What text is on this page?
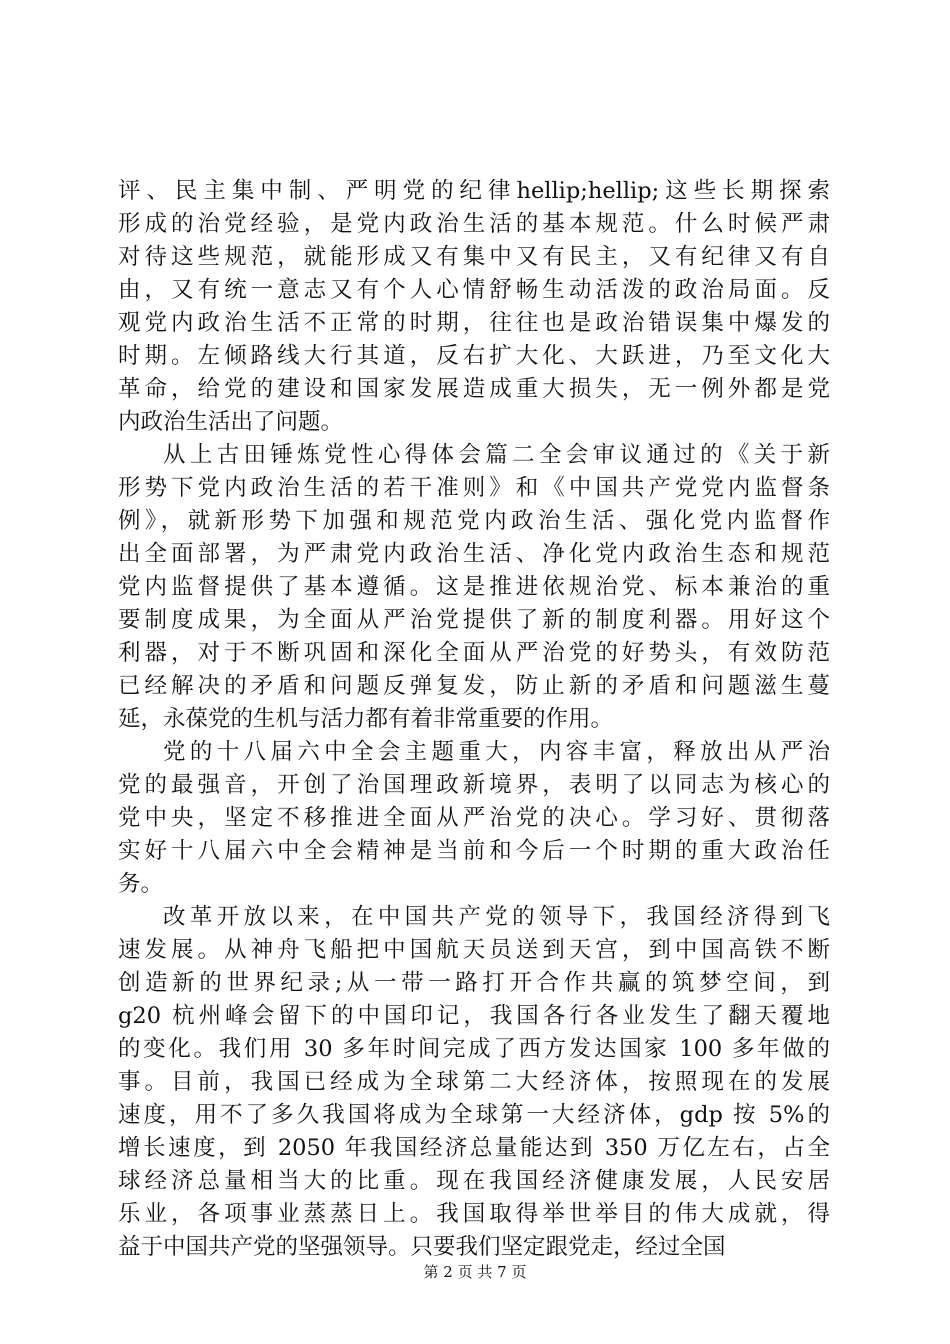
评、民主集中制、严明党的纪律hellip;hellip;这些长期探索
形成的治党经验，是党内政治生活的基本规范。什么时候严肃
对待这些规范，就能形成又有集中又有民主，又有纪律又有自
由，又有统一意志又有个人心情舒畅生动活泼的政治局面。反
观党内政治生活不正常的时期，往往也是政治错误集中爆发的
时期。左倾路线大行其道，反右扩大化、大跃进，乃至文化大
革命，给党的建设和国家发展造成重大损失，无一例外都是党
内政治生活出了问题。
从上古田锤炼党性心得体会篇二全会审议通过的《关于新
形势下党内政治生活的若干准则》和《中国共产党党内监督条
例》，就新形势下加强和规范党内政治生活、强化党内监督作
出全面部署，为严肃党内政治生活、净化党内政治生态和规范
党内监督提供了基本遵循。这是推进依规治党、标本兼治的重
要制度成果，为全面从严治党提供了新的制度利器。用好这个
利器，对于不断巩固和深化全面从严治党的好势头，有效防范
已经解决的矛盾和问题反弹复发，防止新的矛盾和问题滋生蔓
延，永葆党的生机与活力都有着非常重要的作用。
党的十八届六中全会主题重大，内容丰富，释放出从严治
党的最强音，开创了治国理政新境界，表明了以同志为核心的
党中央，坚定不移推进全面从严治党的决心。学习好、贯彻落
实好十八届六中全会精神是当前和今后一个时期的重大政治任
务。
改革开放以来，在中国共产党的领导下，我国经济得到飞
速发展。从神舟飞船把中国航天员送到天宫，到中国高铁不断
创造新的世界纪录;从一带一路打开合作共赢的筑梦空间，到
g20 杭州峰会留下的中国印记，我国各行各业发生了翻天覆地
的变化。我们用 30 多年时间完成了西方发达国家 100 多年做的
事。目前，我国已经成为全球第二大经济体，按照现在的发展
速度，用不了多久我国将成为全球第一大经济体，gdp 按 5%的
增长速度，到 2050 年我国经济总量能达到 350 万亿左右，占全
球经济总量相当大的比重。现在我国经济健康发展，人民安居
乐业，各项事业蒸蒸日上。我国取得举世举目的伟大成就，得
益于中国共产党的坚强领导。只要我们坚定跟党走，经过全国
第 2 页 共 7 页
